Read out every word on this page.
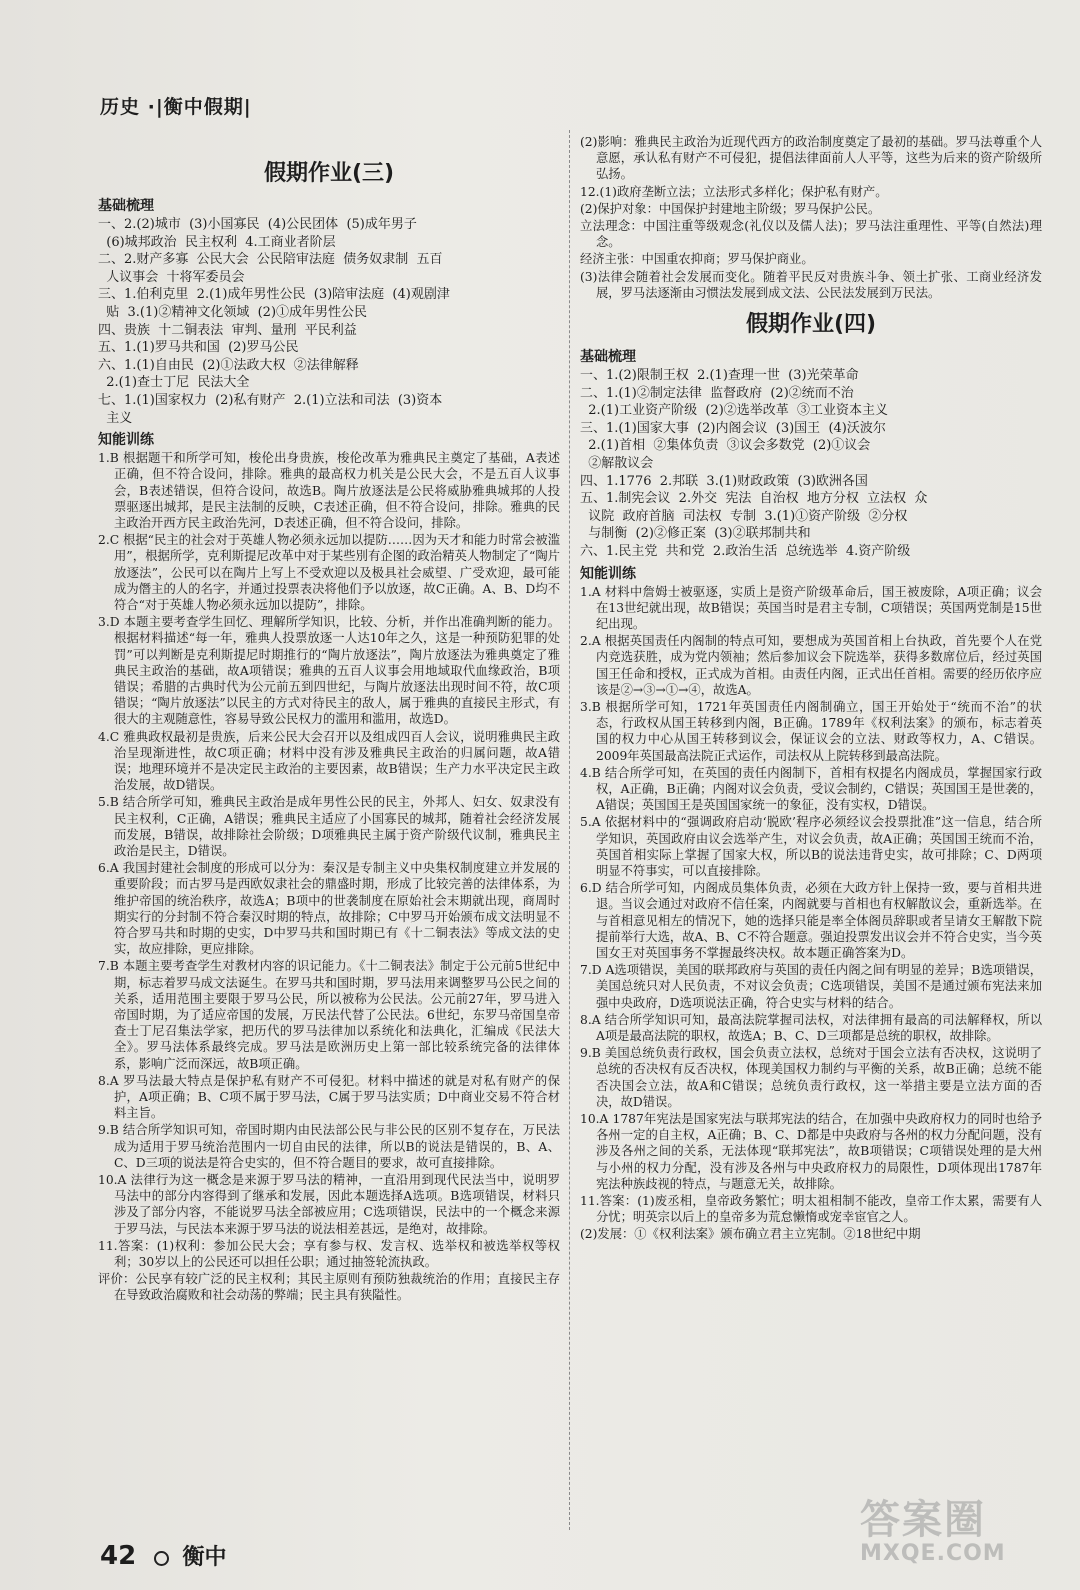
历史 ·|衡中假期|
假期作业(三)
基础梳理

一、2.(2)城市  (3)小国寡民  (4)公民团体  (5)成年男子

(6)城邦政治  民主权利  4.工商业者阶层

二、2.财产多寡  公民大会  公民陪审法庭  债务奴隶制  五百

人议事会  十将军委员会

三、1.伯利克里  2.(1)成年男性公民  (3)陪审法庭  (4)观剧津

贴  3.(1)②精神文化领域  (2)①成年男性公民

四、贵族  十二铜表法  审判、量刑  平民利益

五、1.(1)罗马共和国  (2)罗马公民

六、1.(1)自由民  (2)①法政大权  ②法律解释

2.(1)查士丁尼  民法大全

七、1.(1)国家权力  (2)私有财产  2.(1)立法和司法  (3)资本

主义

知能训练

1.B 根据题干和所学可知，梭伦出身贵族，梭伦改革为雅典民主奠定了基础，A表述正确，但不符合设问，排除。雅典的最高权力机关是公民大会，不是五百人议事会，B表述错误，但符合设问，故选B。陶片放逐法是公民将威胁雅典城邦的人投票驱逐出城邦，是民主法制的反映，C表述正确，但不符合设问，排除。雅典的民主政治开西方民主政治先河，D表述正确，但不符合设问，排除。

2.C 根据“民主的社会对于英雄人物必须永远加以提防……因为天才和能力时常会被滥用”，根据所学，克利斯提尼改革中对于某些別有企图的政治精英人物制定了“陶片放逐法”，公民可以在陶片上写上不受欢迎以及极具社会威望、广受欢迎，最可能成为僭主的人的名字，并通过投票表决将他们予以放逐，故C正确。A、B、D均不符合“对于英雄人物必须永远加以提防”，排除。

3.D 本题主要考查学生回忆、理解所学知识，比较、分析，并作出准确判断的能力。根据材料描述“每一年，雅典人投票放逐一人达10年之久，这是一种预防犯罪的处罚”可以判断是克利斯提尼时期推行的“陶片放逐法”，陶片放逐法为雅典奠定了雅典民主政治的基础，故A项错误；雅典的五百人议事会用地域取代血缘政治，B项错误；希腊的古典时代为公元前五到四世纪，与陶片放逐法出现时间不符，故C项错误；“陶片放逐法”以民主的方式对待民主的敌人，属于雅典的直接民主形式，有很大的主观随意性，容易导致公民权力的滥用和滥用，故选D。

4.C 雅典政权最初是贵族，后来公民大会召开以及组成四百人会议，说明雅典民主政治呈现渐进性，故C项正确；材料中没有涉及雅典民主政治的归属问题，故A错误；地理环境并不是决定民主政治的主要因素，故B错误；生产力水平决定民主政治发展，故D错误。

5.B 结合所学可知，雅典民主政治是成年男性公民的民主，外邦人、妇女、奴隶没有民主权利，C正确，A错误；雅典民主适应了小国寡民的城邦，随着社会经济发展而发展，B错误，故排除社会阶级；D项雅典民主属于资产阶级代议制，雅典民主政治是民主，D错误。

6.A 我国封建社会制度的形成可以分为：秦汉是专制主义中央集权制度建立并发展的重要阶段；而古罗马是西欧奴隶社会的鼎盛时期，形成了比较完善的法律体系，为维护帝国的统治秩序，故选A；B项中的世袭制度在原始社会末期就出现，商周时期实行的分封制不符合秦汉时期的特点，故排除；C中罗马开始颁布成文法明显不符合罗马共和时期的史实，D中罗马共和国时期已有《十二铜表法》等成文法的史实，故应排除，更应排除。

7.B 本题主要考查学生对教材内容的识记能力。《十二铜表法》制定于公元前5世纪中期，标志着罗马成文法诞生。在罗马共和国时期，罗马法用来调整罗马公民之间的关系，适用范围主要限于罗马公民，所以被称为公民法。公元前27年，罗马进入帝国时期，为了适应帝国的发展，万民法代替了公民法。6世纪，东罗马帝国皇帝查士丁尼召集法学家，把历代的罗马法律加以系统化和法典化，汇编成《民法大全》。罗马法体系最终完成。罗马法是欧洲历史上第一部比较系统完备的法律体系，影响广泛而深远，故B项正确。

8.A 罗马法最大特点是保护私有财产不可侵犯。材料中描述的就是对私有财产的保护，A项正确；B、C项不属于罗马法，C属于罗马法实质；D中商业交易不符合材料主旨。

9.B 结合所学知识可知，帝国时期内由民法部公民与非公民的区别不复存在，万民法成为适用于罗马统治范围内一切自由民的法律，所以B的说法是错误的，B、A、C、D三项的说法是符合史实的，但不符合题目的要求，故可直接排除。

10.A 法律行为这一概念是来源于罗马法的精神，一直沿用到现代民法当中，说明罗马法中的部分内容得到了继承和发展，因此本题选择A选项。B选项错误，材料只涉及了部分内容，不能说罗马法全部被应用；C选项错误，民法中的一个概念来源于罗马法，与民法本来源于罗马法的说法相差甚远，是绝对，故排除。

11.答案：(1)权利：参加公民大会；享有参与权、发言权、选举权和被选举权等权利；30岁以上的公民还可以担任公职；通过抽签轮流执政。

评价：公民享有较广泛的民主权利；其民主原则有预防独裁统治的作用；直接民主存在导致政治腐败和社会动荡的弊端；民主具有狭隘性。

(2)影响：雅典民主政治为近现代西方的政治制度奠定了最初的基础。罗马法尊重个人意愿，承认私有财产不可侵犯，提倡法律面前人人平等，这些为后来的资产阶级所弘扬。

12.(1)政府垄断立法；立法形式多样化；保护私有财产。

(2)保护对象：中国保护封建地主阶级；罗马保护公民。

立法理念：中国注重等级观念(礼仪以及儒人法)；罗马法注重理性、平等(自然法)理念。

经济主张：中国重农抑商；罗马保护商业。

(3)法律会随着社会发展而变化。随着平民反对贵族斗争、领土扩张、工商业经济发展，罗马法逐渐由习惯法发展到成文法、公民法发展到万民法。

假期作业(四)
基础梳理

一、1.(2)限制王权  2.(1)查理一世  (3)光荣革命

二、1.(1)②制定法律  监督政府  (2)②统而不治

2.(1)工业资产阶级  (2)②选举改革  ③工业资本主义

三、1.(1)国家大事  (2)内阁会议  (3)国王  (4)沃波尔

2.(1)首相  ②集体负责  ③议会多数党  (2)①议会

②解散议会

四、1.1776  2.邦联  3.(1)财政政策  (3)欧洲各国

五、1.制宪会议  2.外交  宪法  自治权  地方分权  立法权  众

议院  政府首脑  司法权  专制  3.(1)①资产阶级  ②分权

与制衡  (2)②修正案  (3)②联邦制共和

六、1.民主党  共和党  2.政治生活  总统选举  4.资产阶级

知能训练

1.A 材料中詹姆士被驱逐，实质上是资产阶级革命后，国王被废除，A项正确；议会在13世纪就出现，故B错误；英国当时是君主专制，C项错误；英国两党制是15世纪出现。

2.A 根据英国责任内阁制的特点可知，要想成为英国首相上台执政，首先要个人在党内竞选获胜，成为党内领袖；然后参加议会下院选举，获得多数席位后，经过英国国王任命和授权，正式成为首相。由责任内阁，正式出任首相。需要的经历依序应该是②→③→①→④，故选A。

3.B 根据所学可知，1721年英国责任内阁制确立，国王开始处于“统而不治”的状态，行政权从国王转移到内阁，B正确。1789年《权利法案》的颁布，标志着英国的权力中心从国王转移到议会，保证议会的立法、财政等权力，A、C错误。2009年英国最高法院正式运作，司法权从上院转移到最高法院。

4.B 结合所学可知，在英国的责任内阁制下，首相有权提名内阁成员，掌握国家行政权，A正确，B正确；内阁对议会负责，受议会制约，C错误；英国国王是世袭的，A错误；英国国王是英国国家统一的象征，没有实权，D错误。

5.A 依据材料中的“强调政府启动‘脱欧’程序必须经议会投票批准”这一信息，结合所学知识，英国政府由议会选举产生，对议会负责，故A正确；英国国王统而不治，英国首相实际上掌握了国家大权，所以B的说法违背史实，故可排除；C、D两项明显不符事实，可以直接排除。

6.D 结合所学可知，内阁成员集体负责，必须在大政方针上保持一致，要与首相共进退。当议会通过对政府不信任案，内阁就要与首相也有权解散议会，重新选举。在与首相意见相左的情况下，她的选择只能是率全体阁员辞职或者呈请女王解散下院提前举行大选，故A、B、C不符合题意。强迫投票发出议会并不符合史实，当今英国女王对英国事务不掌握最终决权。故本题正确答案为D。

7.D A选项错误，美国的联邦政府与英国的责任内阁之间有明显的差异；B选项错误，美国总统只对人民负责，不对议会负责；C选项错误，美国不是通过颁布宪法来加强中央政府，D选项说法正确，符合史实与材料的结合。

8.A 结合所学知识可知，最高法院掌握司法权，对法律拥有最高的司法解释权，所以A项是最高法院的职权，故选A；B、C、D三项都是总统的职权，故排除。

9.B 美国总统负责行政权，国会负责立法权，总统对于国会立法有否决权，这说明了总统的否决权有反否决权，体现美国权力制约与平衡的关系，故B正确；总统不能否决国会立法，故A和C错误；总统负责行政权，这一举措主要是立法方面的否决，故D错误。

10.A 1787年宪法是国家宪法与联邦宪法的结合，在加强中央政府权力的同时也给予各州一定的自主权，A正确；B、C、D都是中央政府与各州的权力分配问题，没有涉及各州之间的关系，无法体现“联邦宪法”，故B项错误；C项错误处理的是大州与小州的权力分配，没有涉及各州与中央政府权力的局限性，D项体现出1787年宪法种族歧视的特点，与题意无关，故排除。

11.答案：(1)废丞相，皇帝政务繁忙；明太祖相制不能改，皇帝工作太累，需要有人分忧；明英宗以后上的皇帝多为荒怠懒惰或宠幸宦官之人。

(2)发展：①《权利法案》颁布确立君主立宪制。②18世纪中期

42 衡中
答案圈
MXQE.COM
